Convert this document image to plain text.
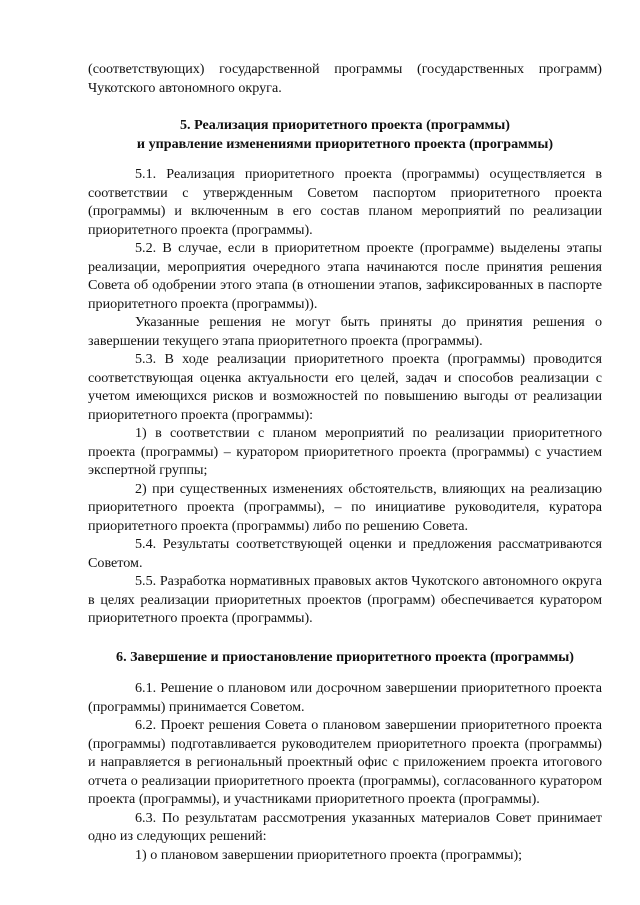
(соответствующих) государственной программы (государственных программ)

Чукотского автономного округа.

5. Реализация приоритетного проекта (программы)

и управление изменениями приоритетного проекта (программы)

5.1. Реализация приоритетного проекта (программы) осуществляется в соответствии с утвержденным Советом паспортом приоритетного проекта (программы) и включенным в его состав планом мероприятий по реализации приоритетного проекта (программы).

5.2. В случае, если в приоритетном проекте (программе) выделены этапы реализации, мероприятия очередного этапа начинаются после принятия решения Совета об одобрении этого этапа (в отношении этапов, зафиксированных в паспорте приоритетного проекта (программы)).

Указанные решения не могут быть приняты до принятия решения о завершении текущего этапа приоритетного проекта (программы).

5.3. В ходе реализации приоритетного проекта (программы) проводится соответствующая оценка актуальности его целей, задач и способов реализации с учетом имеющихся рисков и возможностей по повышению выгоды от реализации приоритетного проекта (программы):

1) в соответствии с планом мероприятий по реализации приоритетного проекта (программы) – куратором приоритетного проекта (программы) с участием экспертной группы;

2) при существенных изменениях обстоятельств, влияющих на реализацию приоритетного проекта (программы), – по инициативе руководителя, куратора приоритетного проекта (программы) либо по решению Совета.

5.4. Результаты соответствующей оценки и предложения рассматриваются Советом.

5.5. Разработка нормативных правовых актов Чукотского автономного округа в целях реализации приоритетных проектов (программ) обеспечивается куратором приоритетного проекта (программы).

6. Завершение и приостановление приоритетного проекта (программы)

6.1. Решение о плановом или досрочном завершении приоритетного проекта (программы) принимается Советом.

6.2. Проект решения Совета о плановом завершении приоритетного проекта (программы) подготавливается руководителем приоритетного проекта (программы) и направляется в региональный проектный офис с приложением проекта итогового отчета о реализации приоритетного проекта (программы), согласованного куратором проекта (программы), и участниками приоритетного проекта (программы).

6.3. По результатам рассмотрения указанных материалов Совет принимает одно из следующих решений:

1) о плановом завершении приоритетного проекта (программы);
